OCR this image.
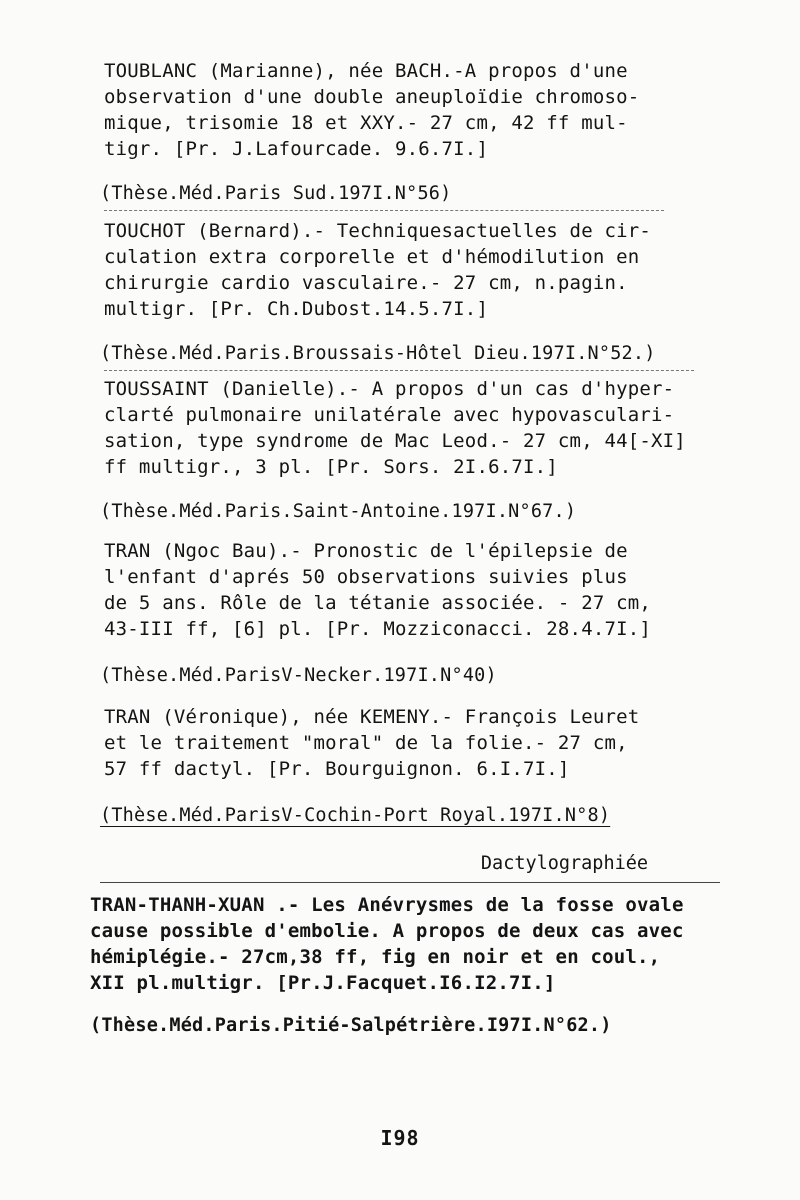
TOUBLANC (Marianne), née BACH.-A propos d'une
observation d'une double aneuploïdie chromoso-
mique, trisomie 18 et XXY.- 27 cm, 42 ff mul-
tigr. [Pr. J.Lafourcade. 9.6.7I.]
(Thèse.Méd.Paris Sud.197I.N°56)
TOUCHOT (Bernard).- Techniquesactuelles de cir-
culation extra corporelle et d'hémodilution en
chirurgie cardio vasculaire.- 27 cm, n.pagin.
multigr. [Pr. Ch.Dubost.14.5.7I.]
(Thèse.Méd.Paris.Broussais-Hôtel Dieu.197I.N°52.)
TOUSSAINT (Danielle).- A propos d'un cas d'hyper-
clarté pulmonaire unilatérale avec hypovasculari-
sation, type syndrome de Mac Leod.- 27 cm, 44[-XI]
ff multigr., 3 pl. [Pr. Sors. 2I.6.7I.]
(Thèse.Méd.Paris.Saint-Antoine.197I.N°67.)
TRAN (Ngoc Bau).- Pronostic de l'épilepsie de
l'enfant d'aprés 50 observations suivies plus
de 5 ans. Rôle de la tétanie associée. - 27 cm,
43-III ff, [6] pl. [Pr. Mozziconacci. 28.4.7I.]
(Thèse.Méd.ParisV-Necker.197I.N°40)
TRAN (Véronique), née KEMENY.- François Leuret
et le traitement "moral" de la folie.- 27 cm,
57 ff dactyl. [Pr. Bourguignon. 6.I.7I.]
(Thèse.Méd.ParisV-Cochin-Port Royal.197I.N°8)
Dactylographiée
TRAN-THANH-XUAN .- Les Anévrysmes de la fosse ovale
cause possible d'embolie. A propos de deux cas avec
hémiplégie.- 27cm,38 ff, fig en noir et en coul.,
XII pl.multigr. [Pr.J.Facquet.I6.I2.7I.]
(Thèse.Méd.Paris.Pitié-Salpétrière.I97I.N°62.)
I98
